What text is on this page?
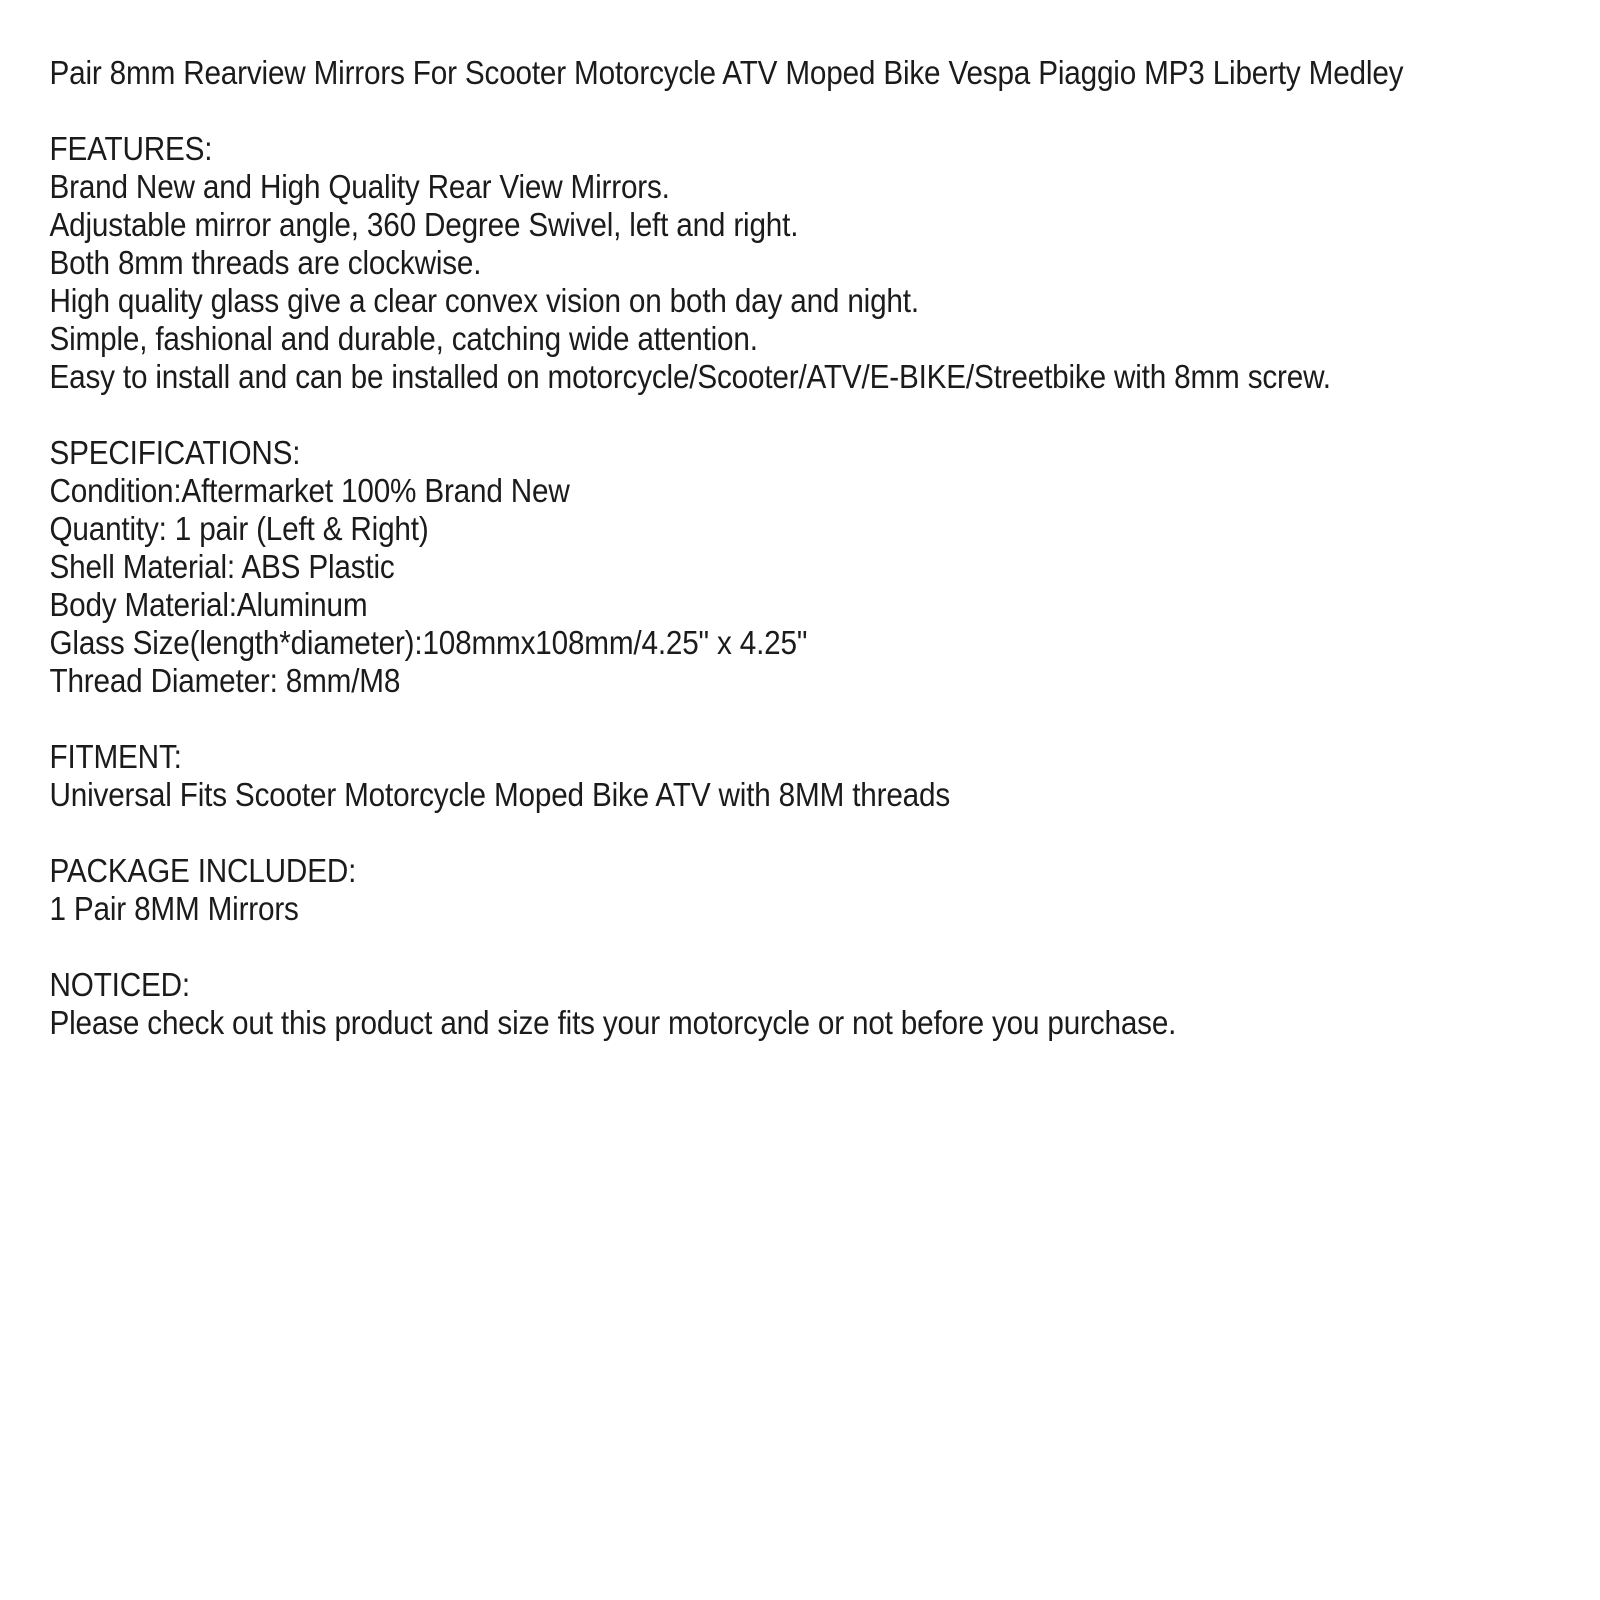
Pair 8mm Rearview Mirrors For Scooter Motorcycle ATV Moped Bike Vespa Piaggio MP3 Liberty Medley

FEATURES:

Brand New and High Quality Rear View Mirrors.

Adjustable mirror angle, 360 Degree Swivel, left and right.

Both 8mm threads are clockwise.

High quality glass give a clear convex vision on both day and night.

Simple, fashional and durable, catching wide attention.

Easy to install and can be installed on motorcycle/Scooter/ATV/E-BIKE/Streetbike with 8mm screw.

SPECIFICATIONS:

Condition:Aftermarket 100% Brand New

Quantity: 1 pair (Left & Right)

Shell Material: ABS Plastic

Body Material:Aluminum

Glass Size(length*diameter):108mmx108mm/4.25" x 4.25"

Thread Diameter: 8mm/M8

FITMENT:

Universal Fits Scooter Motorcycle Moped Bike ATV with 8MM threads

PACKAGE INCLUDED:

1 Pair 8MM Mirrors

NOTICED:

Please check out this product and size fits your motorcycle or not before you purchase.
